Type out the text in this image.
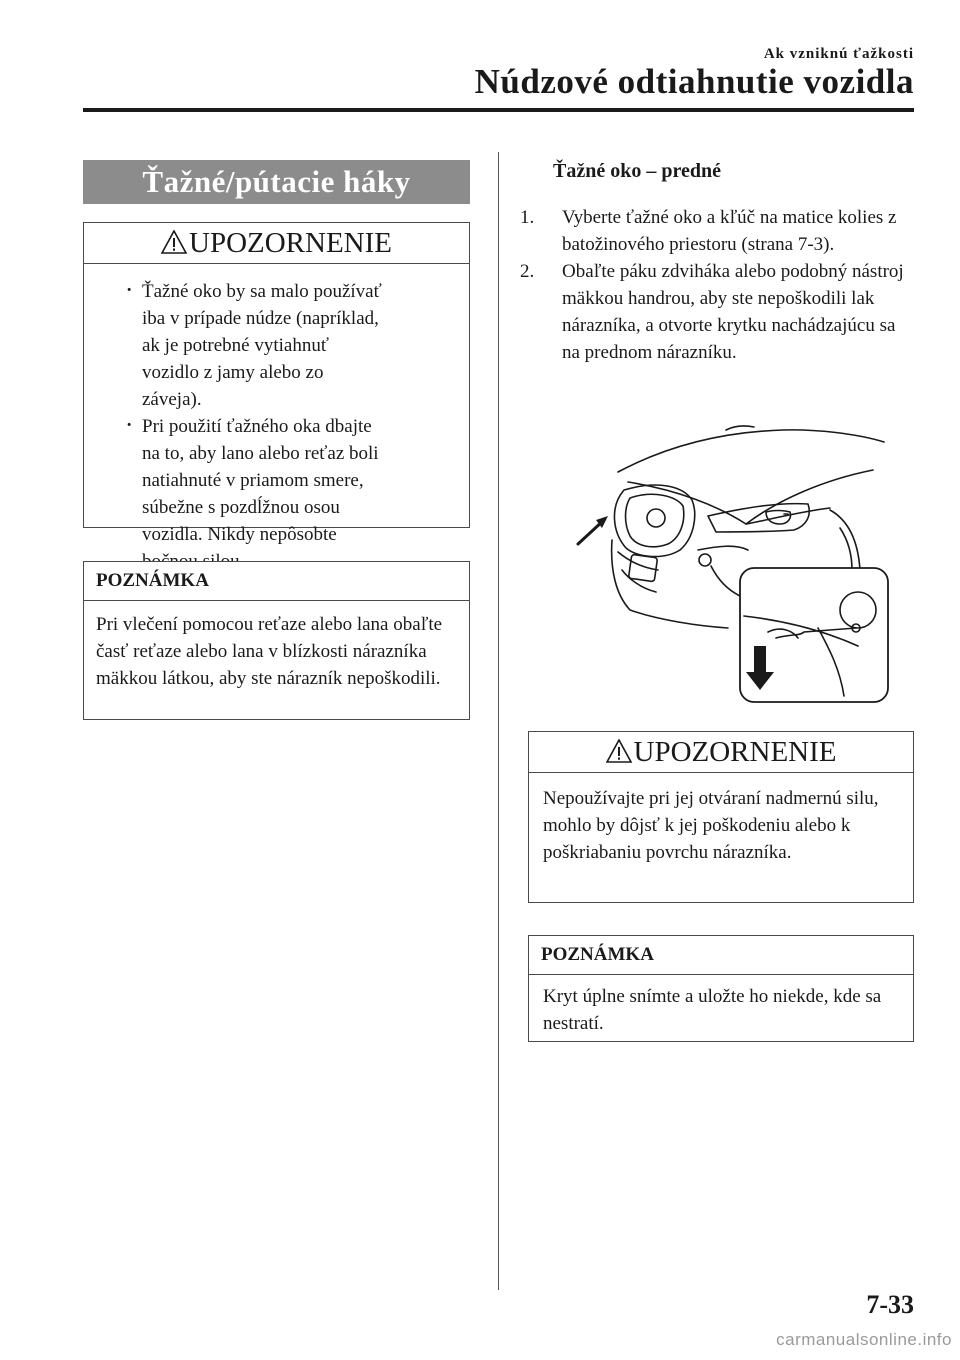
Ak vzniknú ťažkosti
Núdzové odtiahnutie vozidla
Ťažné/pútacie háky
UPOZORNENIE
· Ťažné oko by sa malo používať iba v prípade núdze (napríklad, ak je potrebné vytiahnuť vozidlo z jamy alebo zo záveja).
· Pri použití ťažného oka dbajte na to, aby lano alebo reťaz boli natiahnuté v priamom smere, súbežne s pozdĺžnou osou vozidla. Nikdy nepôsobte
POZNÁMKA
Pri vlečení pomocou reťaze alebo lana obaľte časť reťaze alebo lana v blízkosti nárazníka mäkkou látkou, aby ste nárazník nepoškodili.
Ťažné oko – predné
1. Vyberte ťažné oko a kľúč na matice kolies z batožinového priestoru (strana 7-3).
2. Obaľte páku zdviháka alebo podobný nástroj mäkkou handrou, aby ste nepoškodili lak nárazníka, a otvorte krytku nachádzajúcu sa na prednom nárazníku.
UPOZORNENIE
Nepoužívajte pri jej otváraní nadmernú silu, mohlo by dôjsť k jej poškodeniu alebo k poškriabaniu povrchu nárazníka.
POZNÁMKA
Kryt úplne snímte a uložte ho niekde, kde sa nestratí.
7-33
carmanualsonline.info
